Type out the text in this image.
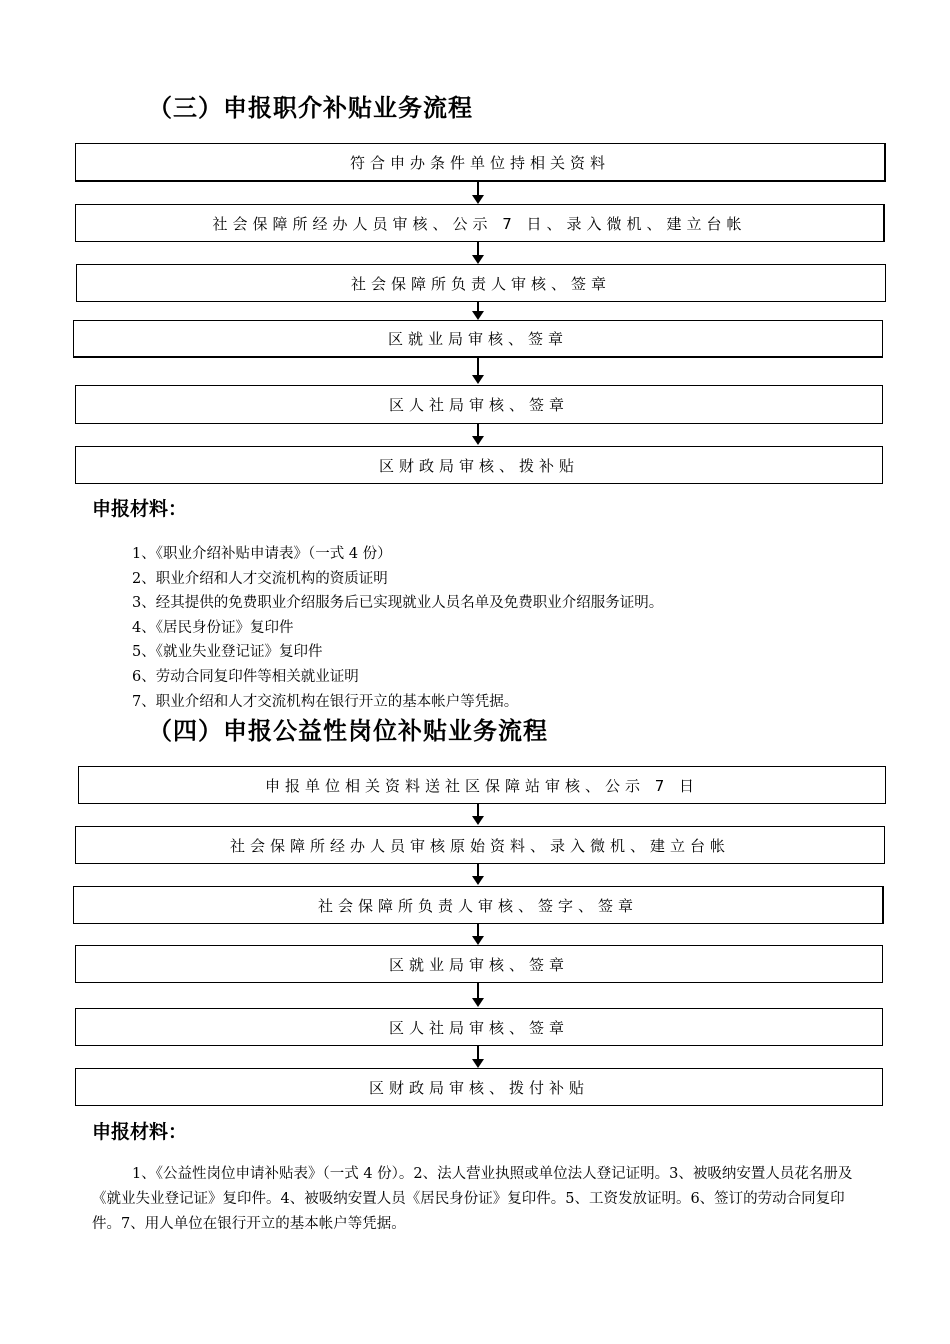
（三）申报职介补贴业务流程
符合申办条件单位持相关资料
社会保障所经办人员审核、公示 7 日、录入微机、建立台帐
社会保障所负责人审核、签章
区就业局审核、签章
区人社局审核、签章
区财政局审核、拨补贴
申报材料：
1、《职业介绍补贴申请表》（一式 4 份）
2、职业介绍和人才交流机构的资质证明
3、经其提供的免费职业介绍服务后已实现就业人员名单及免费职业介绍服务证明。
4、《居民身份证》复印件
5、《就业失业登记证》复印件
6、劳动合同复印件等相关就业证明
7、职业介绍和人才交流机构在银行开立的基本帐户等凭据。
（四）申报公益性岗位补贴业务流程
申报单位相关资料送社区保障站审核、公示 7 日
社会保障所经办人员审核原始资料、录入微机、建立台帐
社会保障所负责人审核、签字、签章
区就业局审核、签章
区人社局审核、签章
区财政局审核、拨付补贴
申报材料：

1、《公益性岗位申请补贴表》（一式 4 份）。2、法人营业执照或单位法人登记证明。3、被吸纳安置人员花名册及《就业失业登记证》复印件。4、被吸纳安置人员《居民身份证》复印件。5、工资发放证明。6、签订的劳动合同复印件。7、用人单位在银行开立的基本帐户等凭据。
